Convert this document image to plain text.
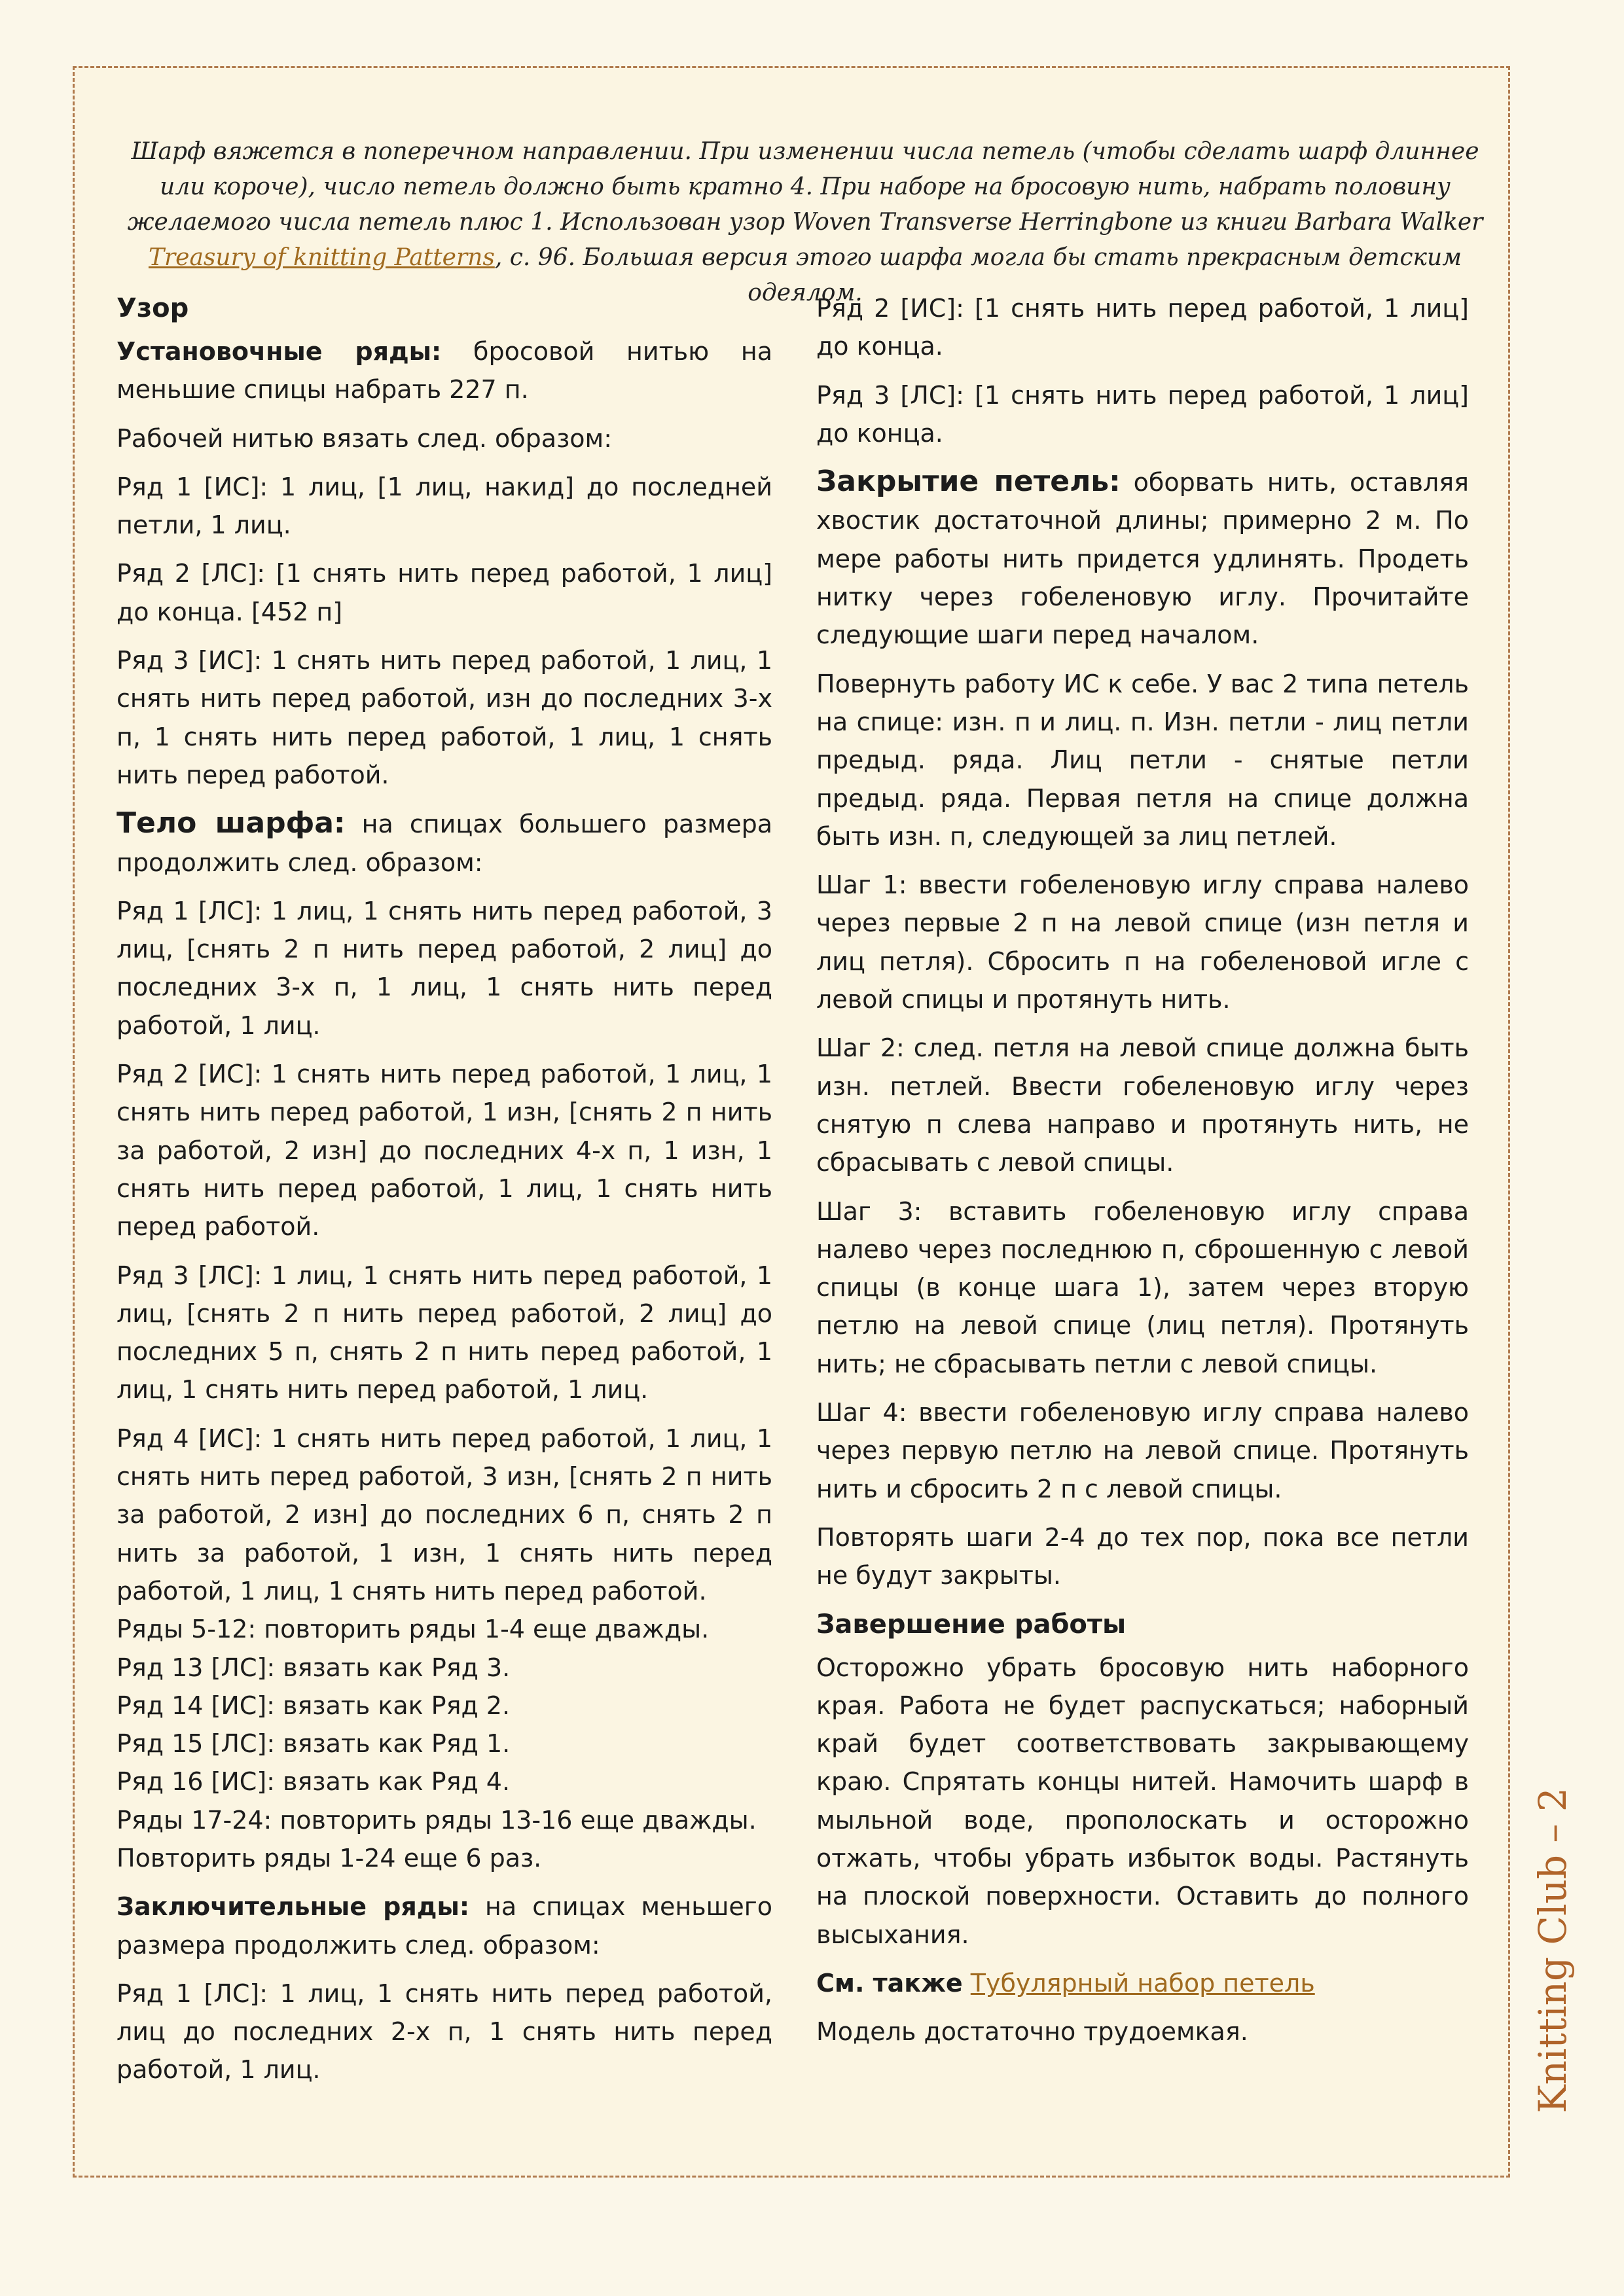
Шарф вяжется в поперечном направлении. При изменении числа петель (чтобы сделать шарф длиннее или короче), число петель должно быть кратно 4. При наборе на бросовую нить, набрать половину желаемого числа петель плюс 1. Использован узор Woven Transverse Herringbone из книги Barbara Walker Treasury of knitting Patterns, с. 96. Большая версия этого шарфа могла бы стать прекрасным детским одеялом.
Узор

Установочные ряды: бросовой нитью на меньшие спицы набрать 227 п.

Рабочей нитью вязать след. образом:

Ряд 1 [ИС]: 1 лиц, [1 лиц, накид] до последней петли, 1 лиц.

Ряд 2 [ЛС]: [1 снять нить перед работой, 1 лиц] до конца. [452 п]

Ряд 3 [ИС]: 1 снять нить перед работой, 1 лиц, 1 снять нить перед работой, изн до последних 3-х п, 1 снять нить перед работой, 1 лиц, 1 снять нить перед работой.

Тело шарфа: на спицах большего размера продолжить след. образом:

Ряд 1 [ЛС]: 1 лиц, 1 снять нить перед работой, 3 лиц, [снять 2 п нить перед работой, 2 лиц] до последних 3-х п, 1 лиц, 1 снять нить перед работой, 1 лиц.

Ряд 2 [ИС]: 1 снять нить перед работой, 1 лиц, 1 снять нить перед работой, 1 изн, [снять 2 п нить за работой, 2 изн] до последних 4-х п, 1 изн, 1 снять нить перед работой, 1 лиц, 1 снять нить перед работой.

Ряд 3 [ЛС]: 1 лиц, 1 снять нить перед работой, 1 лиц, [снять 2 п нить перед работой, 2 лиц] до последних 5 п, снять 2 п нить перед работой, 1 лиц, 1 снять нить перед работой, 1 лиц.

Ряд 4 [ИС]: 1 снять нить перед работой, 1 лиц, 1 снять нить перед работой, 3 изн, [снять 2 п нить за работой, 2 изн] до последних 6 п, снять 2 п нить за работой, 1 изн, 1 снять нить перед работой, 1 лиц, 1 снять нить перед работой.

Ряды 5-12: повторить ряды 1-4 еще дважды.

Ряд 13 [ЛС]: вязать как Ряд 3.

Ряд 14 [ИС]: вязать как Ряд 2.

Ряд 15 [ЛС]: вязать как Ряд 1.

Ряд 16 [ИС]: вязать как Ряд 4.

Ряды 17-24: повторить ряды 13-16 еще дважды.

Повторить ряды 1-24 еще 6 раз.

Заключительные ряды: на спицах меньшего размера продолжить след. образом:

Ряд 1 [ЛС]: 1 лиц, 1 снять нить перед работой, лиц до последних 2-х п, 1 снять нить перед работой, 1 лиц.

Ряд 2 [ИС]: [1 снять нить перед работой, 1 лиц] до конца.

Ряд 3 [ЛС]: [1 снять нить перед работой, 1 лиц] до конца.

Закрытие петель: оборвать нить, оставляя хвостик достаточной длины; примерно 2 м. По мере работы нить придется удлинять. Продеть нитку через гобеленовую иглу. Прочитайте следующие шаги перед началом.

Повернуть работу ИС к себе. У вас 2 типа петель на спице: изн. п и лиц. п. Изн. петли - лиц петли предыд. ряда. Лиц петли - снятые петли предыд. ряда. Первая петля на спице должна быть изн. п, следующей за лиц петлей.

Шаг 1: ввести гобеленовую иглу справа налево через первые 2 п на левой спице (изн петля и лиц петля). Сбросить п на гобеленовой игле с левой спицы и протянуть нить.

Шаг 2: след. петля на левой спице должна быть изн. петлей. Ввести гобеленовую иглу через снятую п слева направо и протянуть нить, не сбрасывать с левой спицы.

Шаг 3: вставить гобеленовую иглу справа налево через последнюю п, сброшенную с левой спицы (в конце шага 1), затем через вторую петлю на левой спице (лиц петля). Протянуть нить; не сбрасывать петли с левой спицы.

Шаг 4: ввести гобеленовую иглу справа налево через первую петлю на левой спице. Протянуть нить и сбросить 2 п с левой спицы.

Повторять шаги 2-4 до тех пор, пока все петли не будут закрыты.

Завершение работы

Осторожно убрать бросовую нить наборного края. Работа не будет распускаться; наборный край будет соответствовать закрывающему краю. Спрятать концы нитей. Намочить шарф в мыльной воде, прополоскать и осторожно отжать, чтобы убрать избыток воды. Растянуть на плоской поверхности. Оставить до полного высыхания.

См. также Тубулярный набор петель

Модель достаточно трудоемкая.	Knitting Club – 2
